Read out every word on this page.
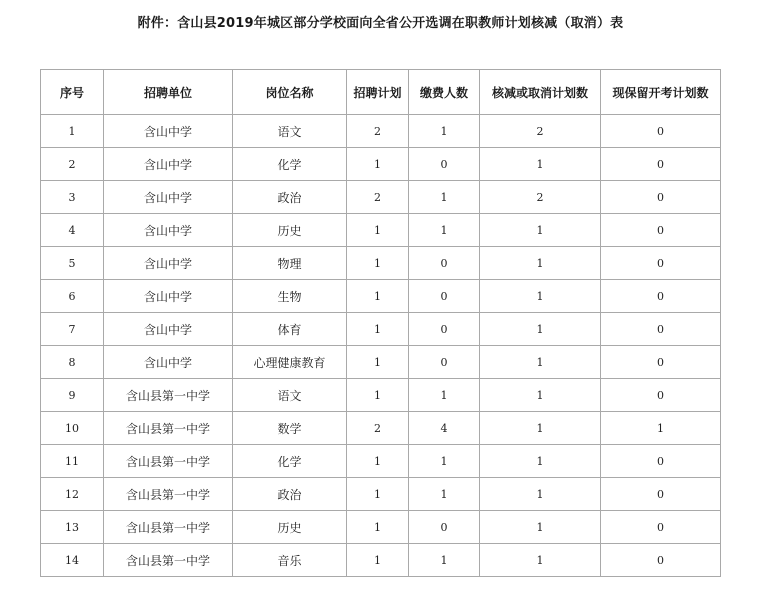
附件：含山县2019年城区部分学校面向全省公开选调在职教师计划核减（取消）表
序号	招聘单位	岗位名称	招聘计划	缴费人数	核减或取消计划数	现保留开考计划数
1	含山中学	语文	2	1	2	0
2	含山中学	化学	1	0	1	0
3	含山中学	政治	2	1	2	0
4	含山中学	历史	1	1	1	0
5	含山中学	物理	1	0	1	0
6	含山中学	生物	1	0	1	0
7	含山中学	体育	1	0	1	0
8	含山中学	心理健康教育	1	0	1	0
9	含山县第一中学	语文	1	1	1	0
10	含山县第一中学	数学	2	4	1	1
11	含山县第一中学	化学	1	1	1	0
12	含山县第一中学	政治	1	1	1	0
13	含山县第一中学	历史	1	0	1	0
14	含山县第一中学	音乐	1	1	1	0
